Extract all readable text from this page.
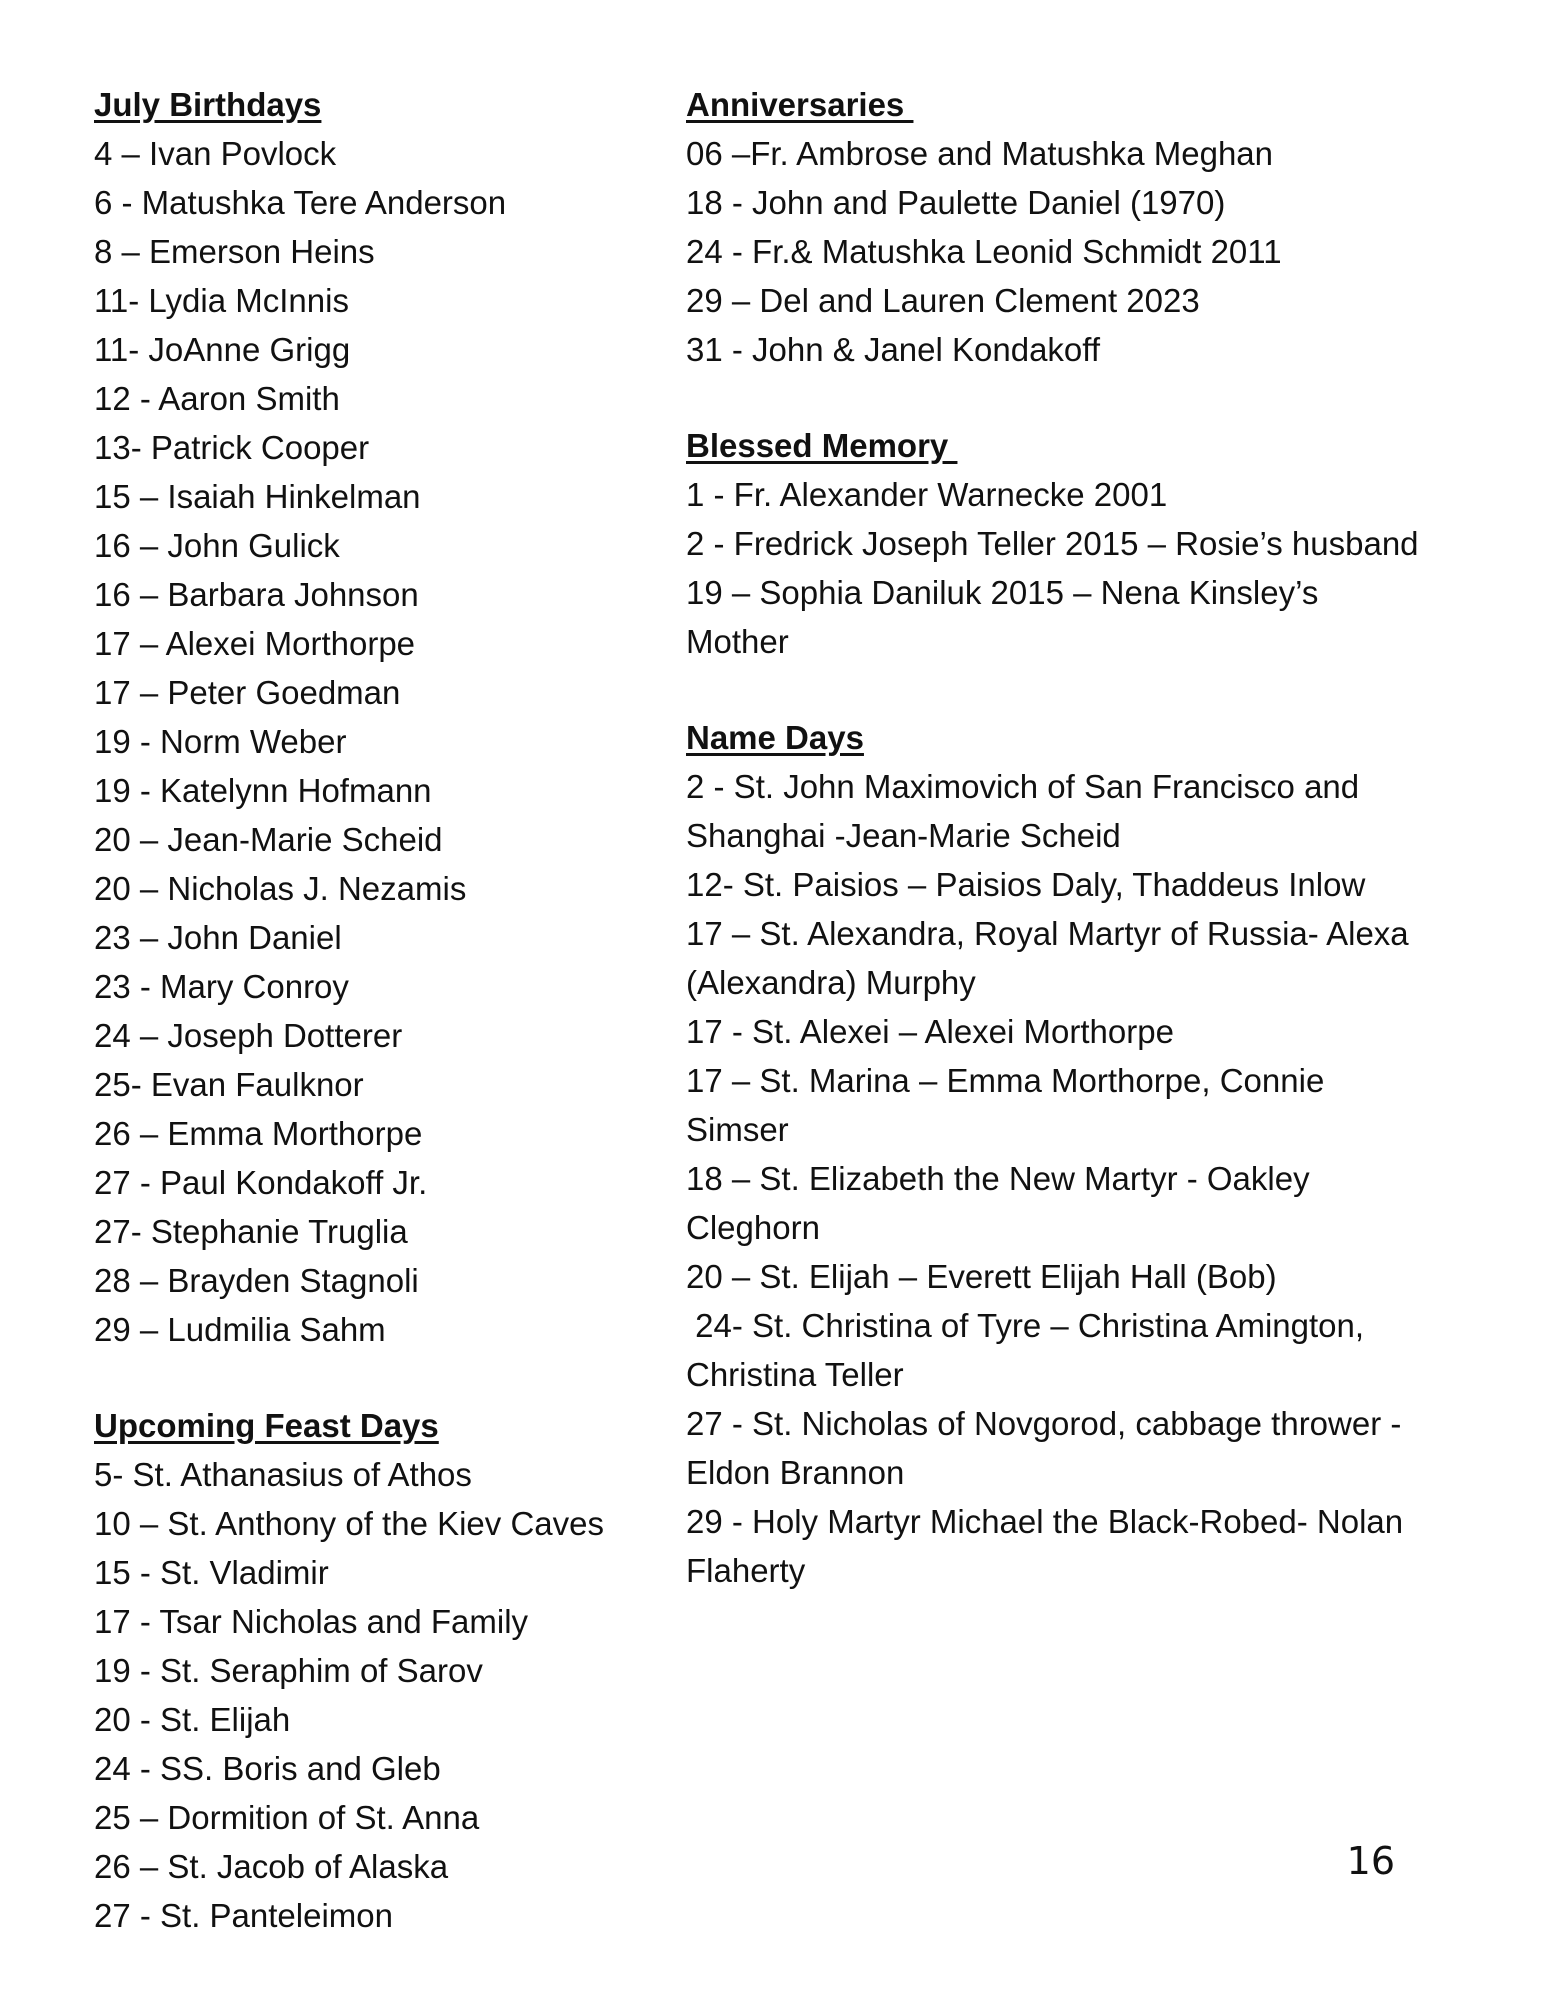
July Birthdays
4 – Ivan Povlock
6 - Matushka Tere Anderson
8 – Emerson Heins
11- Lydia McInnis
11- JoAnne Grigg
12 - Aaron Smith
13- Patrick Cooper
15 – Isaiah Hinkelman
16 – John Gulick
16 – Barbara Johnson
17 – Alexei Morthorpe
17 – Peter Goedman
19 - Norm Weber
19 - Katelynn Hofmann
20 – Jean-Marie Scheid
20 – Nicholas J. Nezamis
23 – John Daniel
23 - Mary Conroy
24 – Joseph Dotterer
25- Evan Faulknor
26 – Emma Morthorpe
27 - Paul Kondakoff Jr.
27- Stephanie Truglia
28 – Brayden Stagnoli
29 – Ludmilia Sahm
Upcoming Feast Days
5- St. Athanasius of Athos
10 – St. Anthony of the Kiev Caves
15 - St. Vladimir
17 - Tsar Nicholas and Family
19 - St. Seraphim of Sarov
20 - St. Elijah
24 - SS. Boris and Gleb
25 – Dormition of St. Anna
26 – St. Jacob of Alaska
27 - St. Panteleimon
Anniversaries
06 –Fr. Ambrose and Matushka Meghan
18 - John and Paulette Daniel (1970)
24 - Fr.& Matushka Leonid Schmidt 2011
29 – Del and Lauren Clement 2023
31 - John & Janel Kondakoff
Blessed Memory
1 - Fr. Alexander Warnecke 2001
2 - Fredrick Joseph Teller 2015 – Rosie’s husband
19 – Sophia Daniluk 2015 – Nena Kinsley’s
Mother
Name Days
2 - St. John Maximovich of San Francisco and
Shanghai -Jean-Marie Scheid
12- St. Paisios – Paisios Daly, Thaddeus Inlow
17 – St. Alexandra, Royal Martyr of Russia- Alexa
(Alexandra) Murphy
17 - St. Alexei – Alexei Morthorpe
17 – St. Marina – Emma Morthorpe, Connie
Simser
18 – St. Elizabeth the New Martyr - Oakley
Cleghorn
20 – St. Elijah – Everett Elijah Hall (Bob)
24- St. Christina of Tyre – Christina Amington,
Christina Teller
27 - St. Nicholas of Novgorod, cabbage thrower -
Eldon Brannon
29 - Holy Martyr Michael the Black-Robed- Nolan
Flaherty
16
